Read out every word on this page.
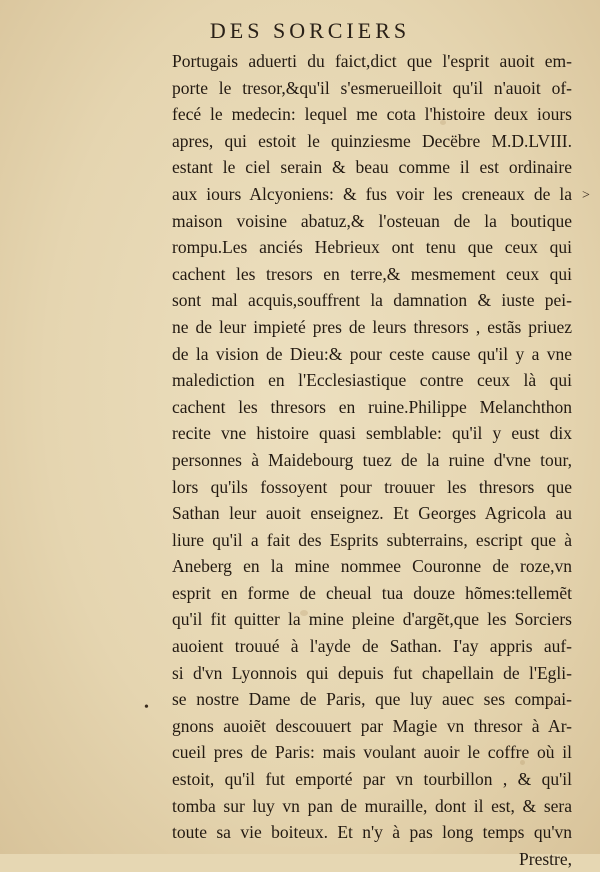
DES SORCIERS
˃
•
Portugais aduerti du faict,dict que l'esprit auoit em-
porte le tresor,&qu'il s'esmerueilloit qu'il n'auoit of-
fecé le medecin: lequel me cota l'histoire deux iours
apres, qui estoit le quinziesme Decëbre M.D.LVIII.
estant le ciel serain & beau comme il est ordinaire
aux iours Alcyoniens: & fus voir les creneaux de la
maison voisine abatuz,& l'osteuan de la boutique
rompu.Les anciés Hebrieux ont tenu que ceux qui
cachent les tresors en terre,& mesmement ceux qui
sont mal acquis,souffrent la damnation & iuste pei-
ne de leur impieté pres de leurs thresors , estãs priuez
de la vision de Dieu:& pour ceste cause qu'il y a vne
malediction en l'Ecclesiastique contre ceux là qui
cachent les thresors en ruine.Philippe Melanchthon
recite vne histoire quasi semblable: qu'il y eust dix
personnes à Maidebourg tuez de la ruine d'vne tour,
lors qu'ils fossoyent pour trouuer les thresors que
Sathan leur auoit enseignez. Et Georges Agricola au
liure qu'il a fait des Esprits subterrains, escript que à
Aneberg en la mine nommee Couronne de roze,vn
esprit en forme de cheual tua douze hõmes:tellemẽt
qu'il fit quitter la mine pleine d'argẽt,que les Sorciers
auoient trouué à l'ayde de Sathan. I'ay appris auf-
si d'vn Lyonnois qui depuis fut chapellain de l'Egli-
se nostre Dame de Paris, que luy auec ses compai-
gnons auoiẽt descouuert par Magie vn thresor à Ar-
cueil pres de Paris: mais voulant auoir le coffre où il
estoit, qu'il fut emporté par vn tourbillon , & qu'il
tomba sur luy vn pan de muraille, dont il est, & sera
toute sa vie boiteux. Et n'y à pas long temps qu'vn
Prestre,
